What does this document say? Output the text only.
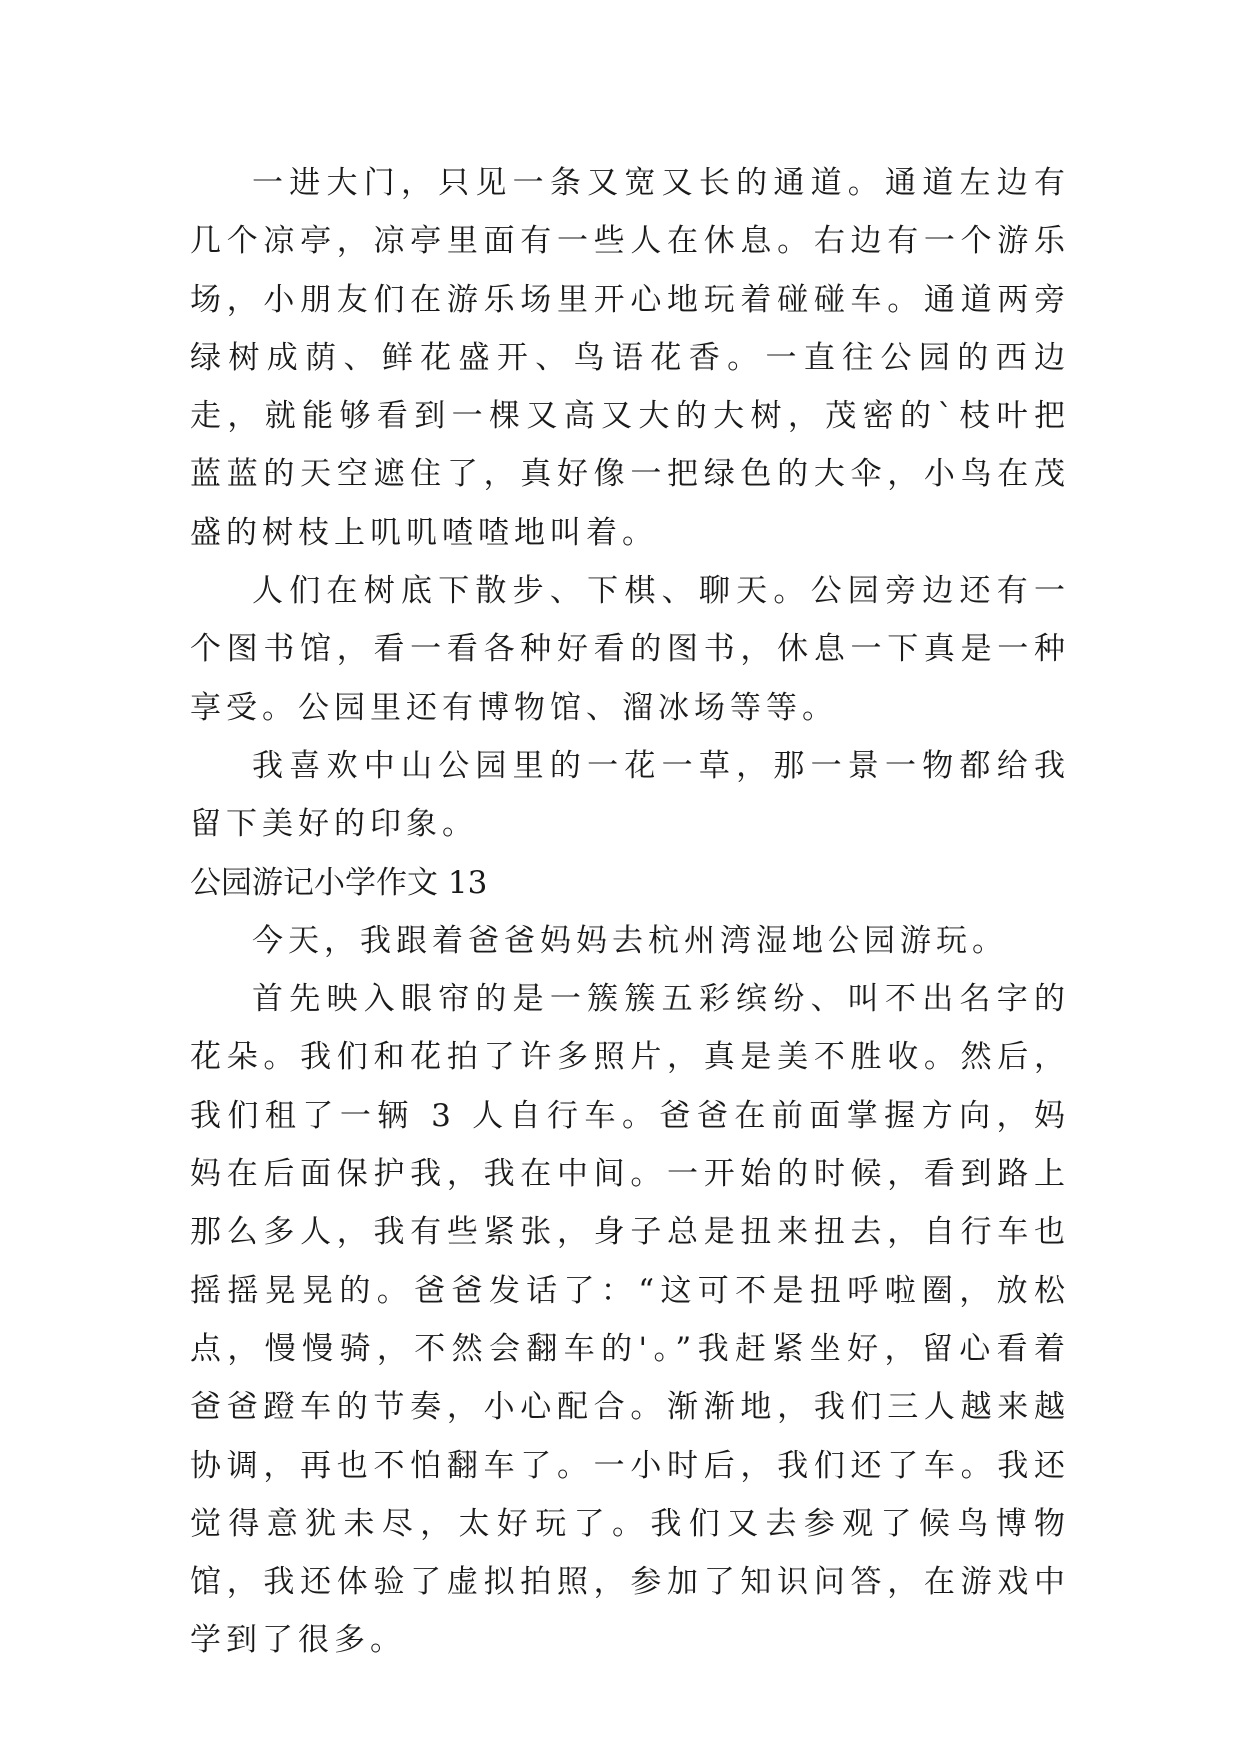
一进大门，只见一条又宽又长的通道。通道左边有几个凉亭，凉亭里面有一些人在休息。右边有一个游乐场，小朋友们在游乐场里开心地玩着碰碰车。通道两旁绿树成荫、鲜花盛开、鸟语花香。一直往公园的西边走，就能够看到一棵又高又大的大树，茂密的`枝叶把蓝蓝的天空遮住了，真好像一把绿色的大伞，小鸟在茂盛的树枝上叽叽喳喳地叫着。

人们在树底下散步、下棋、聊天。公园旁边还有一个图书馆，看一看各种好看的图书，休息一下真是一种享受。公园里还有博物馆、溜冰场等等。

我喜欢中山公园里的一花一草，那一景一物都给我留下美好的印象。

公园游记小学作文 13

今天，我跟着爸爸妈妈去杭州湾湿地公园游玩。

首先映入眼帘的是一簇簇五彩缤纷、叫不出名字的花朵。我们和花拍了许多照片，真是美不胜收。然后，我们租了一辆 3 人自行车。爸爸在前面掌握方向，妈妈在后面保护我，我在中间。一开始的时候，看到路上那么多人，我有些紧张，身子总是扭来扭去，自行车也摇摇晃晃的。爸爸发话了：“这可不是扭呼啦圈，放松点，慢慢骑，不然会翻车的'。”我赶紧坐好，留心看着爸爸蹬车的节奏，小心配合。渐渐地，我们三人越来越协调，再也不怕翻车了。一小时后，我们还了车。我还觉得意犹未尽，太好玩了。我们又去参观了候鸟博物馆，我还体验了虚拟拍照，参加了知识问答，在游戏中学到了很多。
